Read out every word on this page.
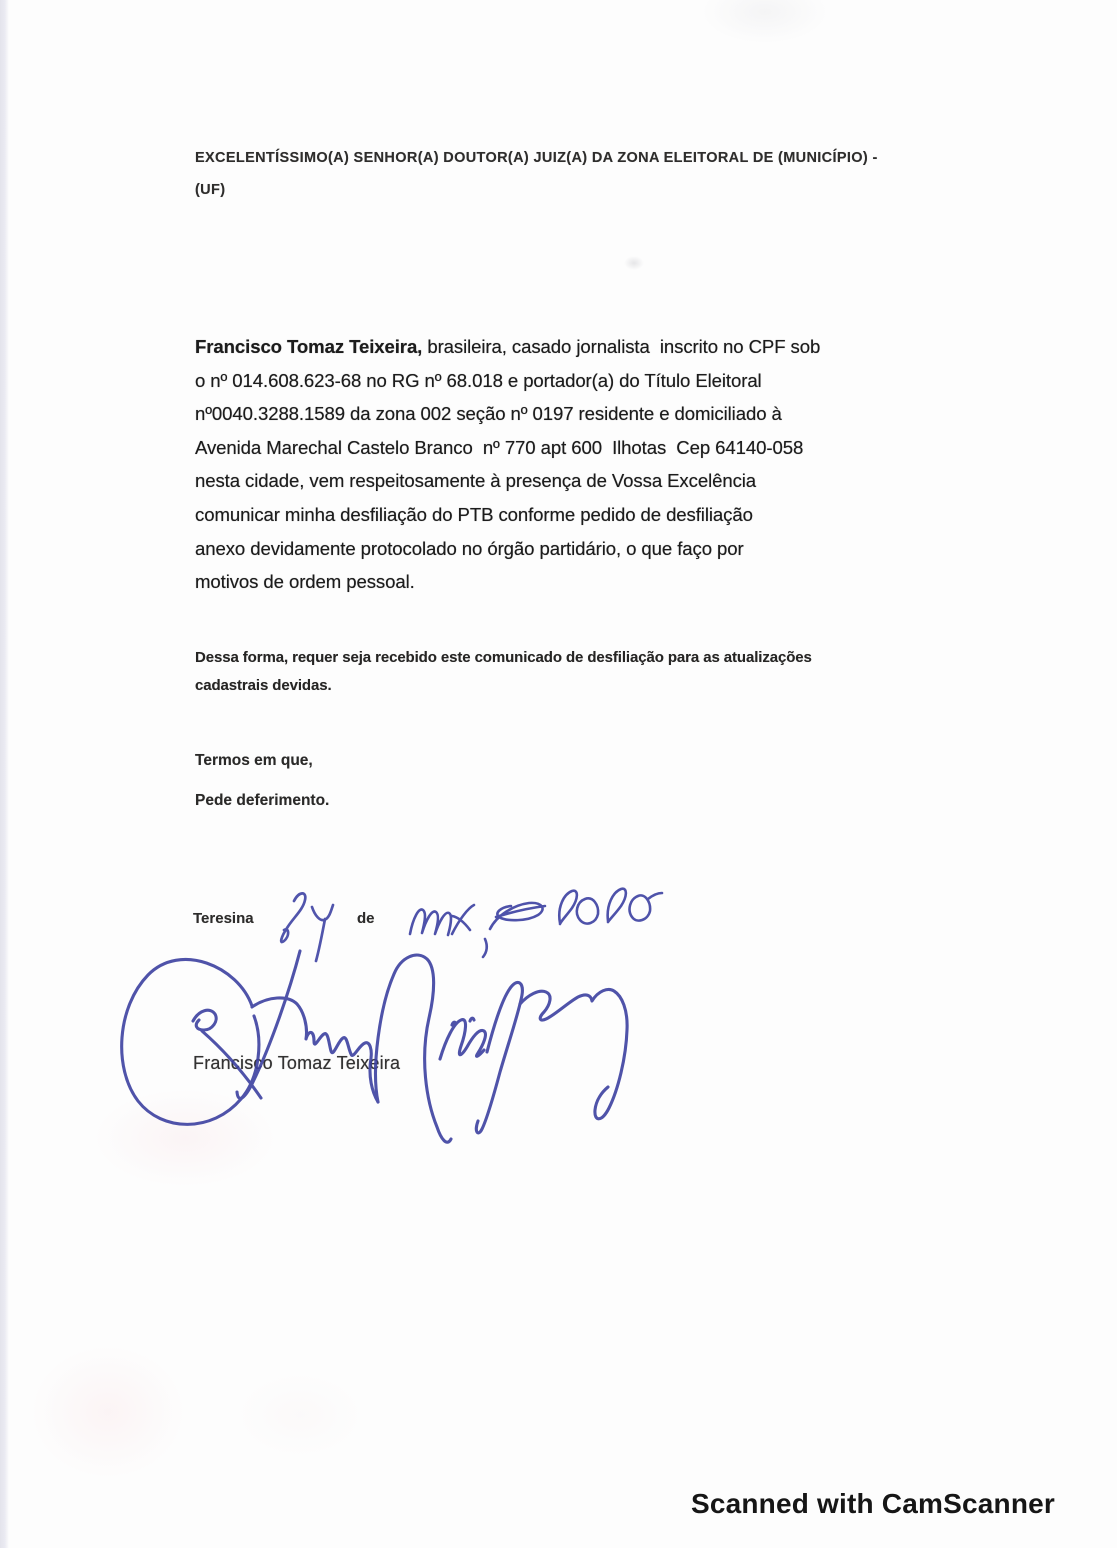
EXCELENTÍSSIMO(A) SENHOR(A) DOUTOR(A) JUIZ(A) DA ZONA ELEITORAL DE (MUNICÍPIO) -
(UF)
Francisco Tomaz Teixeira, brasileira, casado jornalista  inscrito no CPF sob
o nº 014.608.623-68 no RG nº 68.018 e portador(a) do Título Eleitoral
nº0040.3288.1589 da zona 002 seção nº 0197 residente e domiciliado à
Avenida Marechal Castelo Branco  nº 770 apt 600  Ilhotas  Cep 64140-058
nesta cidade, vem respeitosamente à presença de Vossa Excelência
comunicar minha desfiliação do PTB conforme pedido de desfiliação
anexo devidamente protocolado no órgão partidário, o que faço por
motivos de ordem pessoal.
Dessa forma, requer seja recebido este comunicado de desfiliação para as atualizações
cadastrais devidas.
Termos em que,
Pede deferimento.
Teresina	de
Francisco Tomaz Teixeira
Scanned with CamScanner
